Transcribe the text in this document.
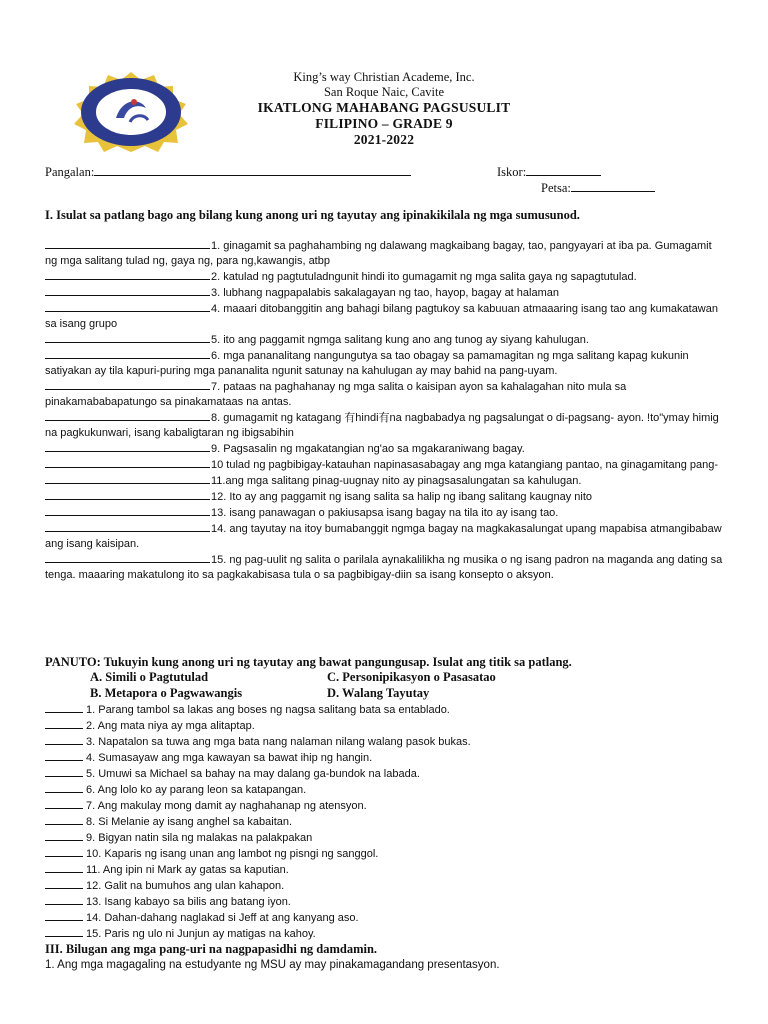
King’s way Christian Academe, Inc.
San Roque Naic, Cavite
IKATLONG MAHABANG PAGSUSULIT
FILIPINO – GRADE 9
2021-2022
Pangalan:	Iskor:
Petsa:
I. Isulat sa patlang bago ang bilang kung anong uri ng tayutay ang ipinakikilala ng mga sumusunod.

1. ginagamit sa paghahambing ng dalawang magkaibang bagay, tao, pangyayari at iba pa. Gumagamit ng mga salitang tulad ng, gaya ng, para ng,kawangis, atbp

2. katulad ng pagtutuladngunit hindi ito gumagamit ng mga salita gaya ng sapagtutulad.

3. lubhang nagpapalabis sakalagayan ng tao, hayop, bagay at halaman

4. maaari ditobanggitin ang bahagi bilang pagtukoy sa kabuuan atmaaaring isang tao ang kumakatawan sa isang grupo

5. ito ang paggamit ngmga salitang kung ano ang tunog ay siyang kahulugan.

6. mga pananalitang nangungutya sa tao obagay sa pamamagitan ng mga salitang kapag kukunin satiyakan ay tila kapuri-puring mga pananalita ngunit satunay na kahulugan ay may bahid na pang-uyam.

7. pataas na paghahanay ng mga salita o kaisipan ayon sa kahalagahan nito mula sa pinakamababapatungo sa pinakamataas na antas.

8. gumagamit ng katagang 有hindi有na nagbabadya ng pagsalungat o di-pagsang- ayon. !to"ymay himig na pagkukunwari, isang kabaligtaran ng ibigsabihin

9. Pagsasalin ng mgakatangian ng'ao sa mgakaraniwang bagay.

10 tulad ng pagbibigay-katauhan napinasasabagay ang mga katangiang pantao, na ginagamitang pang-

11.ang mga salitang pinag-uugnay nito ay pinagsasalungatan sa kahulugan.

12. Ito ay ang paggamit ng isang salita sa halip ng ibang salitang kaugnay nito

13. isang panawagan o pakiusapsa isang bagay na tila ito ay isang tao.

14. ang tayutay na itoy bumabanggit ngmga bagay na magkakasalungat upang mapabisa atmangibabaw ang isang kaisipan.

15. ng pag-uulit ng salita o parilala aynakalilikha ng musika o ng isang padron na maganda ang dating sa tenga. maaaring makatulong ito sa pagkakabisasa tula o sa pagbibigay-diin sa isang konsepto o aksyon.

PANUTO: Tukuyin kung anong uri ng tayutay ang bawat pangungusap. Isulat ang titik sa patlang.
A. Simili o Pagtutulad	C. Personipikasyon o Pasasatao
B. Metapora o Pagwawangis	D. Walang Tayutay

1. Parang tambol sa lakas ang boses ng nagsa salitang bata sa entablado.

2. Ang mata niya ay mga alitaptap.

3. Napatalon sa tuwa ang mga bata nang nalaman nilang walang pasok bukas.

4. Sumasayaw ang mga kawayan sa bawat ihip ng hangin.

5. Umuwi sa Michael sa bahay na may dalang ga-bundok na labada.

6. Ang lolo ko ay parang leon sa katapangan.

7. Ang makulay mong damit ay naghahanap ng atensyon.

8. Si Melanie ay isang anghel sa kabaitan.

9. Bigyan natin sila ng malakas na palakpakan

10. Kaparis ng isang unan ang lambot ng pisngi ng sanggol.

11. Ang ipin ni Mark ay gatas sa kaputian.

12. Galit na bumuhos ang ulan kahapon.

13. Isang kabayo sa bilis ang batang iyon.

14. Dahan-dahang naglakad si Jeff at ang kanyang aso.

15. Paris ng ulo ni Junjun ay matigas na kahoy.

III. Bilugan ang mga pang-uri na nagpapasidhi ng damdamin.
1. Ang mga magagaling na estudyante ng MSU ay may pinakamagandang presentasyon.
